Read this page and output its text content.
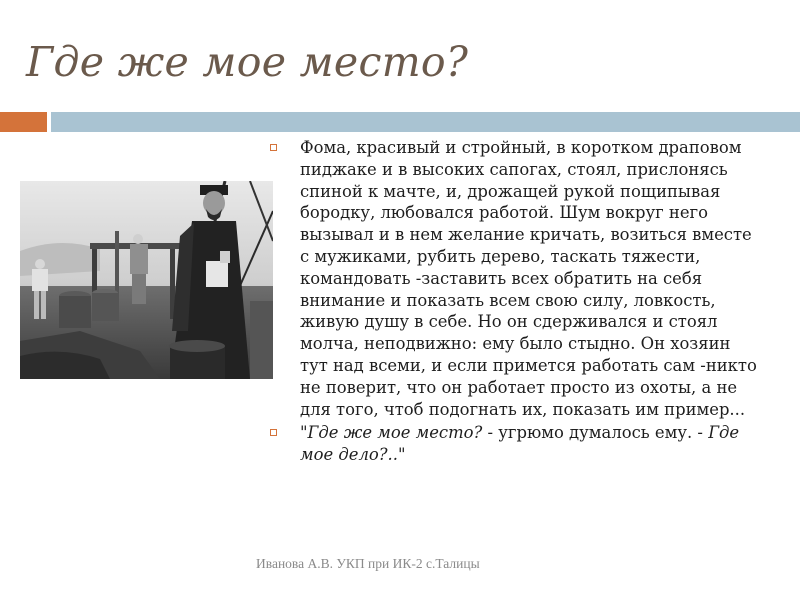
Где же мое место?
Фома, красивый и стройный, в коротком драповом пиджаке и в высоких сапогах, стоял, прислонясь спиной к мачте, и, дрожащей рукой пощипывая бородку, любовался работой. Шум вокруг него вызывал и в нем желание кричать, возиться вместе с мужиками, рубить дерево, таскать тяжести, командовать -заставить всех обратить на себя внимание и показать всем свою силу, ловкость, живую душу в себе. Но он сдерживался и стоял молча, неподвижно: ему было стыдно. Он хозяин тут над всеми, и если примется работать сам -никто не поверит, что он работает просто из охоты, а не для того, чтоб подогнать их, показать им пример...
"Где же мое место? - угрюмо думалось ему. - Где мое дело?.."
Иванова А.В. УКП при ИК-2 с.Талицы
